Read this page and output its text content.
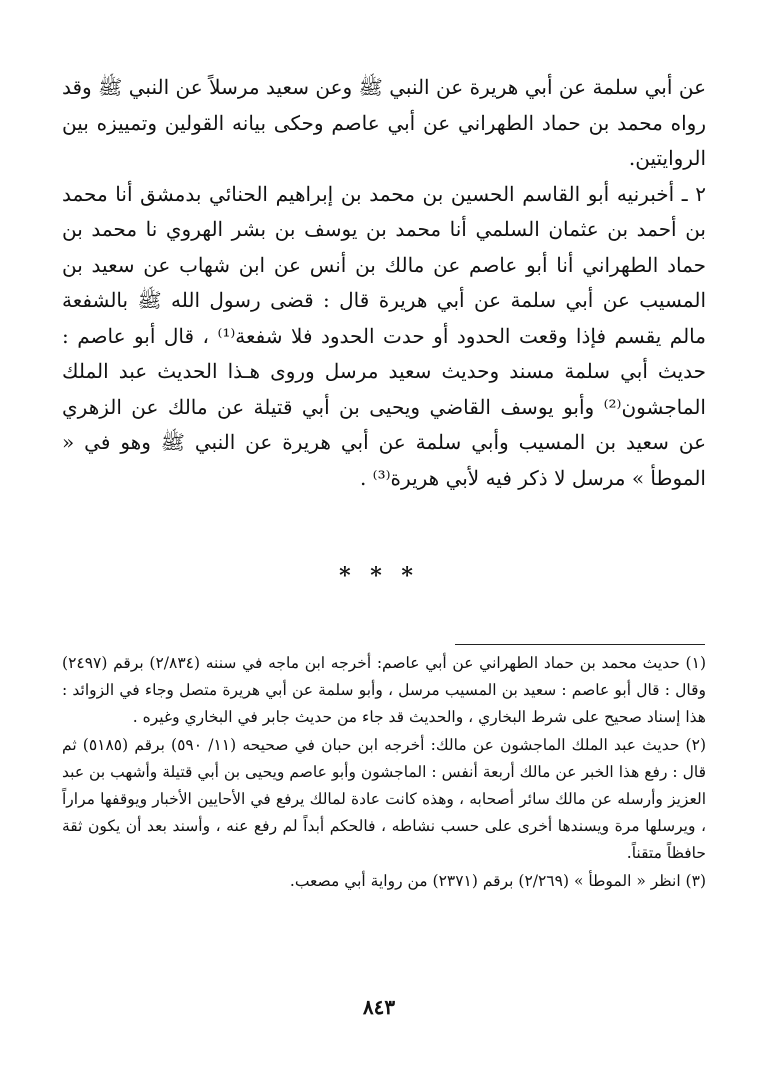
عن أبي سلمة عن أبي هريرة عن النبي ﷺ وعن سعيد مرسلاً عن النبي ﷺ وقد رواه محمد بن حماد الطهراني عن أبي عاصم وحكى بيانه القولين وتمييزه بين الروايتين.

٢ ـ أخبرنيه أبو القاسم الحسين بن محمد بن إبراهيم الحنائي بدمشق أنا محمد بن أحمد بن عثمان السلمي أنا محمد بن يوسف بن بشر الهروي نا محمد بن حماد الطهراني أنا أبو عاصم عن مالك بن أنس عن ابن شهاب عن سعيد بن المسيب عن أبي سلمة عن أبي هريرة قال : قضى رسول الله ﷺ بالشفعة مالم يقسم فإذا وقعت الحدود أو حدت الحدود فلا شفعة⁽¹⁾ ، قال أبو عاصم : حديث أبي سلمة مسند وحديث سعيد مرسل وروى هـذا الحديث عبد الملك الماجشون⁽²⁾ وأبو يوسف القاضي ويحيى بن أبي قتيلة عن مالك عن الزهري عن سعيد بن المسيب وأبي سلمة عن أبي هريرة عن النبي ﷺ وهو في « الموطأ » مرسل لا ذكر فيه لأبي هريرة⁽³⁾ .

* * *

(١) حديث محمد بن حماد الطهراني عن أبي عاصم: أخرجه ابن ماجه في سننه (٢/٨٣٤) برقم (٢٤٩٧) وقال : قال أبو عاصم : سعيد بن المسيب مرسل ، وأبو سلمة عن أبي هريرة متصل وجاء في الزوائد : هذا إسناد صحيح على شرط البخاري ، والحديث قد جاء من حديث جابر في البخاري وغيره .

(٢) حديث عبد الملك الماجشون عن مالك: أخرجه ابن حبان في صحيحه (١١/ ٥٩٠) برقم (٥١٨٥) ثم قال : رفع هذا الخبر عن مالك أربعة أنفس : الماجشون وأبو عاصم ويحيى بن أبي قتيلة وأشهب بن عبد العزيز وأرسله عن مالك سائر أصحابه ، وهذه كانت عادة لمالك يرفع في الأحايين الأخبار ويوقفها مراراً ، ويرسلها مرة ويسندها أخرى على حسب نشاطه ، فالحكم أبداً لم رفع عنه ، وأسند بعد أن يكون ثقة حافظاً متقناً.

(٣) انظر « الموطأ » (٢/٢٦٩) برقم (٢٣٧١) من رواية أبي مصعب.

٨٤٣
